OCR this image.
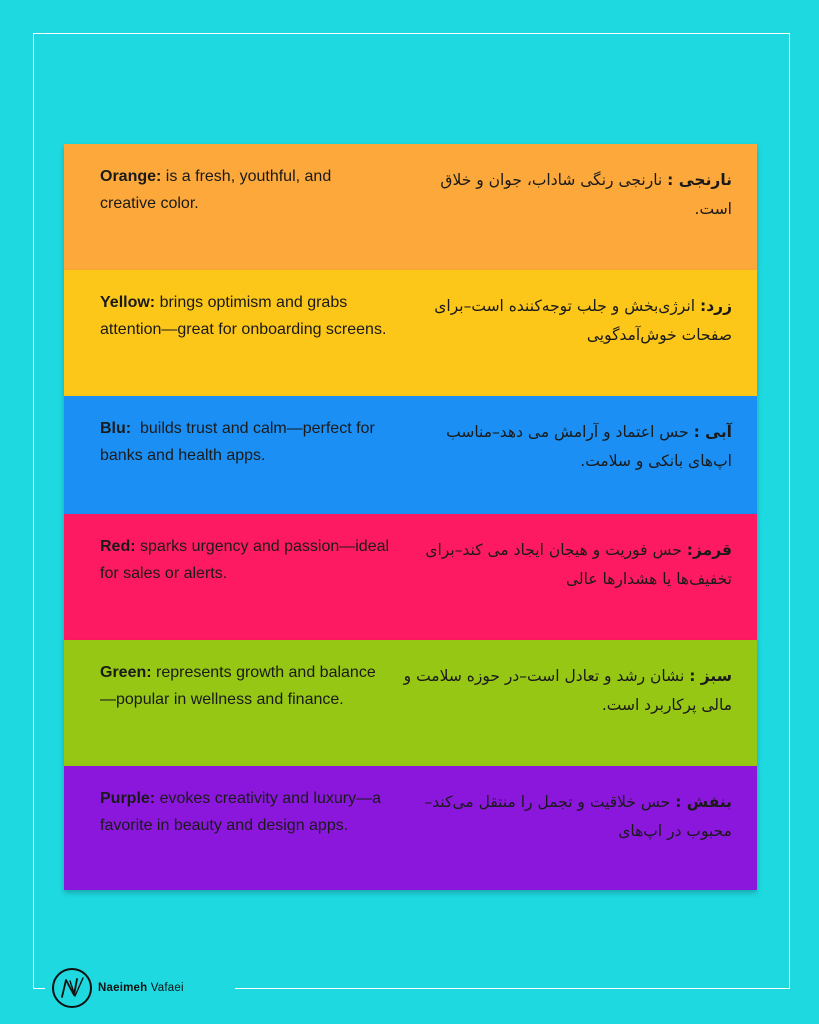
Orange: is a fresh, youthful, and creative color.
نارنجی : نارنجی رنگی شاداب، جوان و خلاق است.
Yellow: brings optimism and grabs attention—great for onboarding screens.
زرد: انرژی‌بخش و جلب توجه‌کننده است–برای صفحات خوش‌آمدگویی
Blu:  builds trust and calm—perfect for banks and health apps.
آبی : حس اعتماد و آرامش می دهد–مناسب اپ‌های بانکی و سلامت.
Red: sparks urgency and passion—ideal for sales or alerts.
قرمز: حس فوریت و هیجان ایجاد می کند–برای تخفیف‌ها یا هشدارها عالی
Green: represents growth and balance—popular in wellness and finance.
سبز : نشان رشد و تعادل است–در حوزه سلامت و مالی پرکاربرد است.
Purple: evokes creativity and luxury—a favorite in beauty and design apps.
بنفش : حس خلاقیت و تجمل را منتقل می‌کند–محبوب در اپ‌های
Naeimeh Vafaei
